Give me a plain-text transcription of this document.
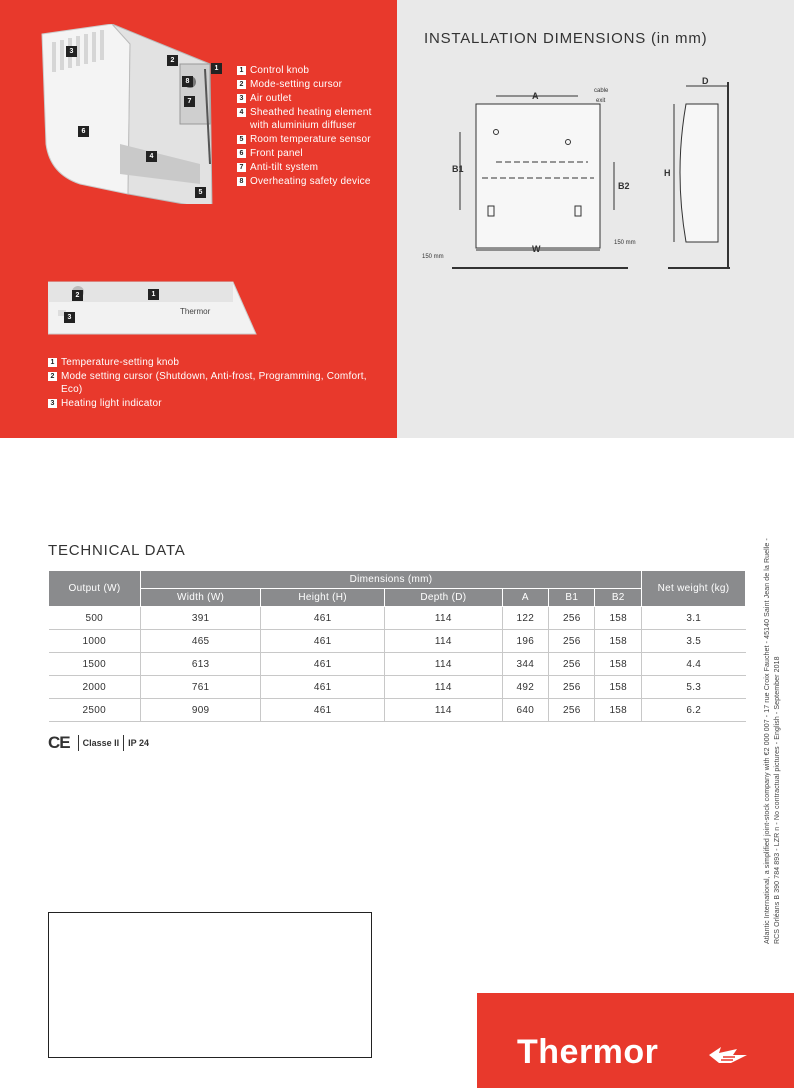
3
2
1
8
7
6
4
5
1 Control knob
2 Mode-setting cursor
3 Air outlet
4 Sheathed heating element with aluminium diffuser
5 Room temperature sensor
6 Front panel
7 Anti-tilt system
8 Overheating safety device
Thermor
2	1
3
1 Temperature-setting knob
2 Mode setting cursor (Shutdown, Anti-frost, Programming, Comfort, Eco)
3 Heating light indicator
INSTALLATION DIMENSIONS (in mm)
A	cable
exit
B1
B2
W
150 mm
150 mm
D
H
TECHNICAL DATA
Output (W)	Dimensions (mm)						Net weight (kg)
	Width (W)	Height (H)	Depth (D)	A	B1	B2	
500	391	461	114	122	256	158	3.1
1000	465	461	114	196	256	158	3.5
1500	613	461	114	344	256	158	4.4
2000	761	461	114	492	256	158	5.3
2500	909	461	114	640	256	158	6.2
CE Classe II IP 24	Atlantic International, a simplified joint-stock company with €2 000 007 - 17 rue Croix Fauchet - 45140 Saint Jean de la Ruelle - RCS Orléans B 390 784 893 - LZR n - No contractual pictures - English - September 2018
Thermor
